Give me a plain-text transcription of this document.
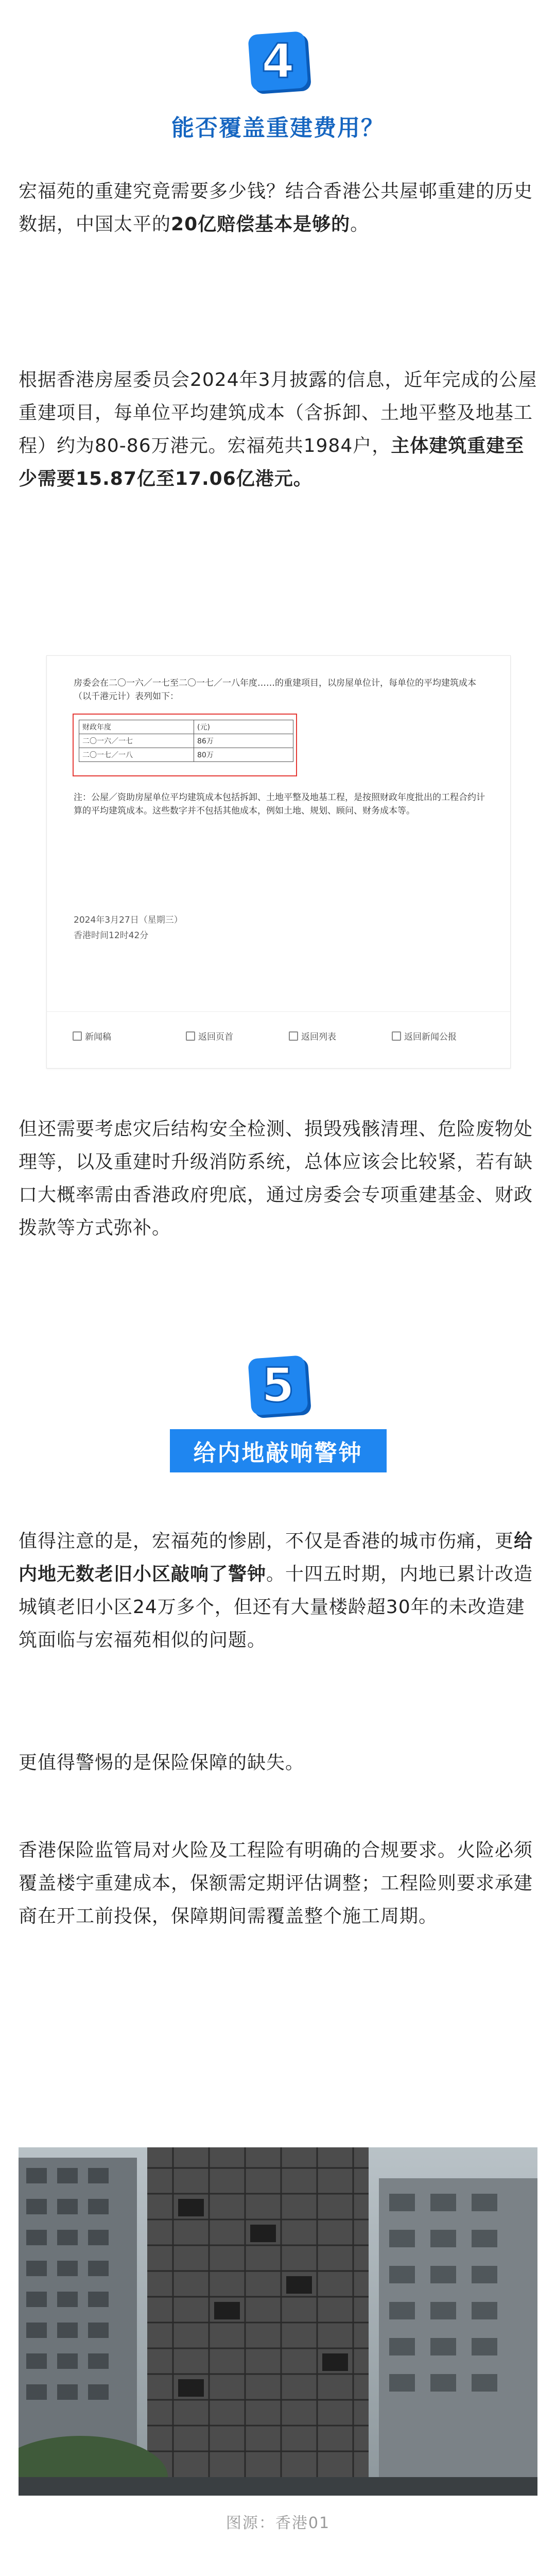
4
能否覆盖重建费用？

宏福苑的重建究竟需要多少钱？结合香港公共屋邨重建的历史数据，中国太平的20亿赔偿基本是够的。

根据香港房屋委员会2024年3月披露的信息，近年完成的公屋重建项目，每单位平均建筑成本（含拆卸、土地平整及地基工程）约为80-86万港元。宏福苑共1984户，主体建筑重建至少需要15.87亿至17.06亿港元。

房委会在二〇一六／一七至二〇一七／一八年度……的重建项目，以房屋单位计，每单位的平均建筑成本（以千港元计）表列如下：
财政年度	(元)
二〇一六／一七	86万
二〇一七／一八	80万
注：公屋／资助房屋单位平均建筑成本包括拆卸、土地平整及地基工程，是按照财政年度批出的工程合约计算的平均建筑成本。这些数字并不包括其他成本，例如土地、规划、顾问、财务成本等。
2024年3月27日（星期三）
香港时间12时42分
新闻稿	返回页首	返回列表	返回新闻公报

但还需要考虑灾后结构安全检测、损毁残骸清理、危险废物处理等，以及重建时升级消防系统，总体应该会比较紧，若有缺口大概率需由香港政府兜底，通过房委会专项重建基金、财政拨款等方式弥补。

5

给内地敲响警钟

值得注意的是，宏福苑的惨剧，不仅是香港的城市伤痛，更给内地无数老旧小区敲响了警钟。十四五时期，内地已累计改造城镇老旧小区24万多个，但还有大量楼龄超30年的未改造建筑面临与宏福苑相似的问题。

更值得警惕的是保险保障的缺失。

香港保险监管局对火险及工程险有明确的合规要求。火险必须覆盖楼宇重建成本，保额需定期评估调整；工程险则要求承建商在开工前投保，保障期间需覆盖整个施工周期。

图源：香港01
